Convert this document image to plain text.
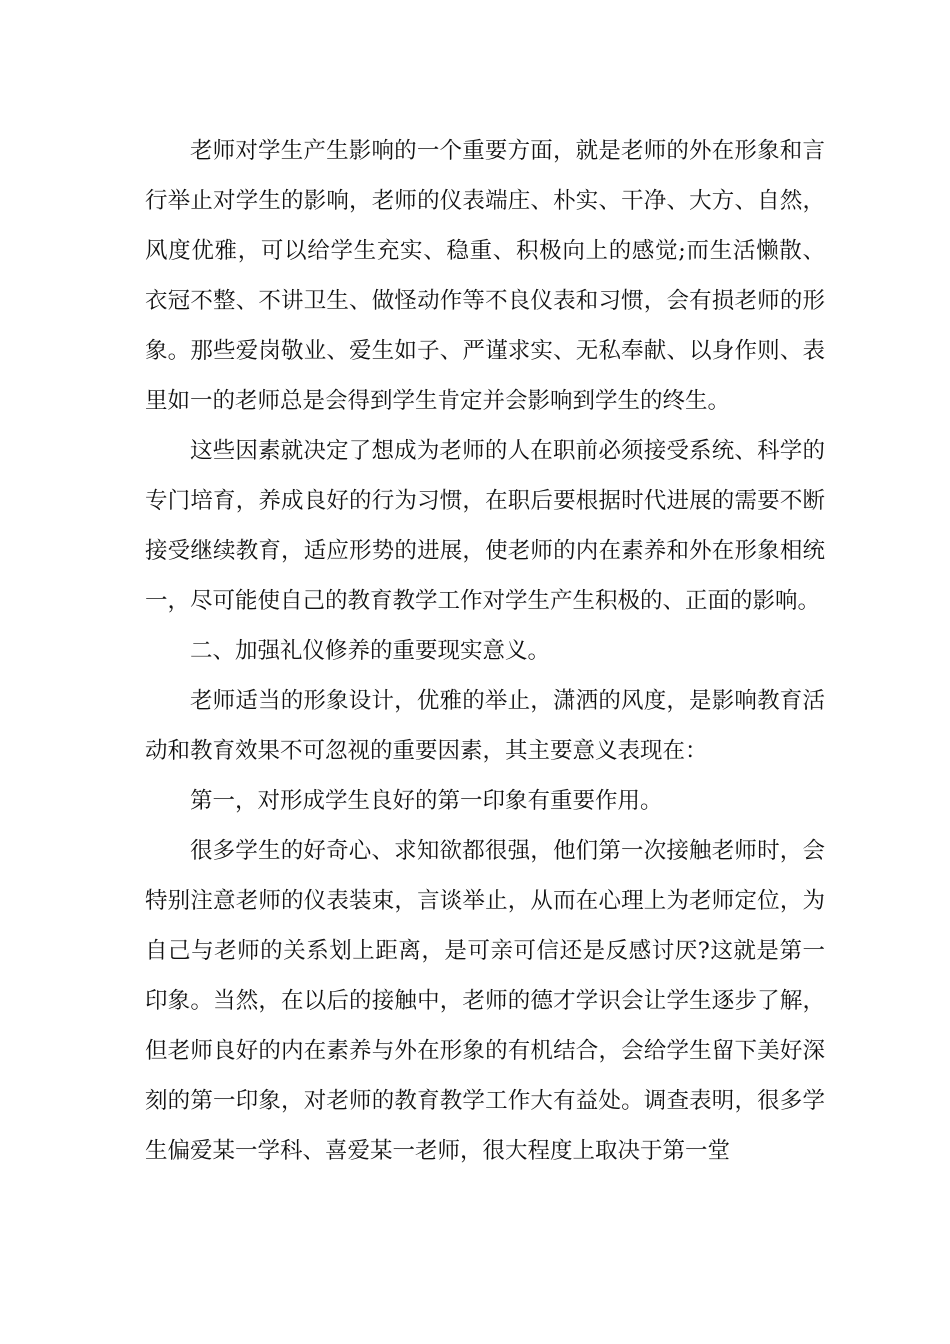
老师对学生产生影响的一个重要方面，就是老师的外在形象和言行举止对学生的影响，老师的仪表端庄、朴实、干净、大方、自然，风度优雅，可以给学生充实、稳重、积极向上的感觉;而生活懒散、衣冠不整、不讲卫生、做怪动作等不良仪表和习惯，会有损老师的形象。那些爱岗敬业、爱生如子、严谨求实、无私奉献、以身作则、表里如一的老师总是会得到学生肯定并会影响到学生的终生。

这些因素就决定了想成为老师的人在职前必须接受系统、科学的专门培育，养成良好的行为习惯，在职后要根据时代进展的需要不断接受继续教育，适应形势的进展，使老师的内在素养和外在形象相统一，尽可能使自己的教育教学工作对学生产生积极的、正面的影响。

二、加强礼仪修养的重要现实意义。

老师适当的形象设计，优雅的举止，潇洒的风度，是影响教育活动和教育效果不可忽视的重要因素，其主要意义表现在：

第一，对形成学生良好的第一印象有重要作用。

很多学生的好奇心、求知欲都很强，他们第一次接触老师时，会特别注意老师的仪表装束，言谈举止，从而在心理上为老师定位，为自己与老师的关系划上距离，是可亲可信还是反感讨厌?这就是第一印象。当然，在以后的接触中，老师的德才学识会让学生逐步了解，但老师良好的内在素养与外在形象的有机结合，会给学生留下美好深刻的第一印象，对老师的教育教学工作大有益处。调查表明，很多学生偏爱某一学科、喜爱某一老师，很大程度上取决于第一堂
